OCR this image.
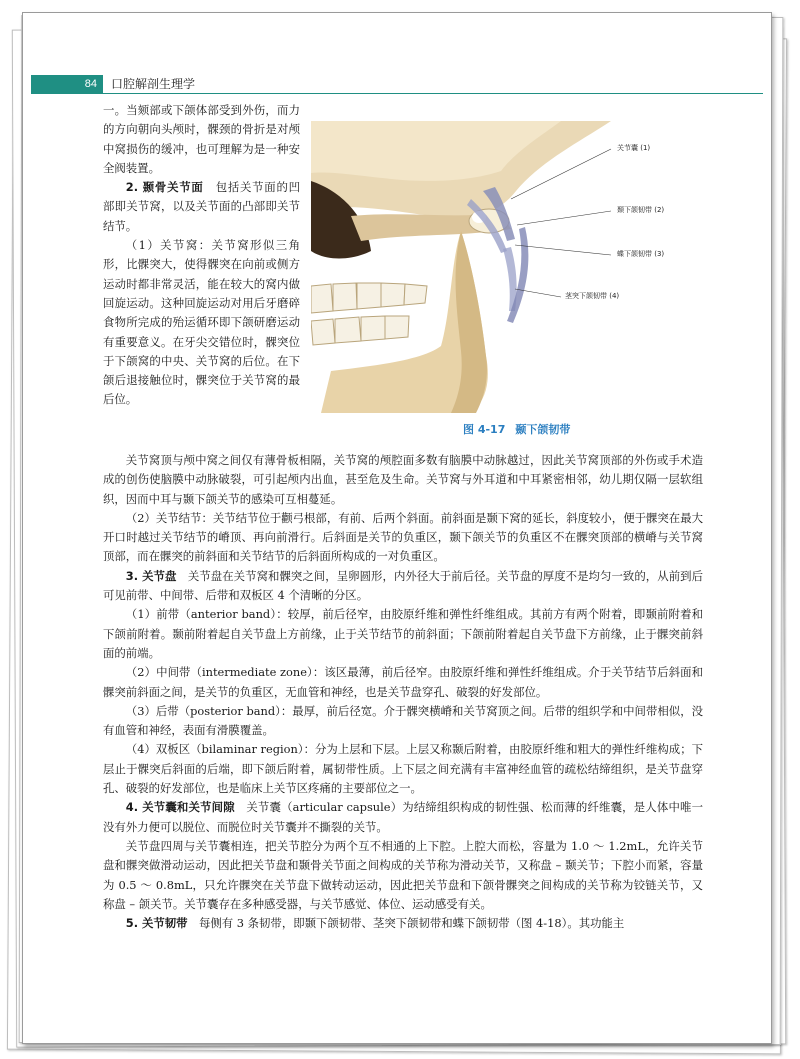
84	口腔解剖生理学

一。当颏部或下颌体部受到外伤，而力的方向朝向头颅时，髁颈的骨折是对颅中窝损伤的缓冲，也可理解为是一种安全阀装置。

2. 颞骨关节面　 包括关节面的凹部即关节窝，以及关节面的凸部即关节结节。

（1）关节窝：关节窝形似三角形，比髁突大，使得髁突在向前或侧方运动时都非常灵活，能在较大的窝内做回旋运动。这种回旋运动对用后牙磨碎食物所完成的殆运循环即下颌研磨运动有重要意义。在牙尖交错位时，髁突位于下颌窝的中央、关节窝的后位。在下颌后退接触位时，髁突位于关节窝的最后位。

关节囊 (1)
颞下颌韧带 (2)
蝶下颌韧带 (3)
茎突下颌韧带 (4)
图 4-17 颞下颌韧带

关节窝顶与颅中窝之间仅有薄骨板相隔，关节窝的颅腔面多数有脑膜中动脉越过，因此关节窝顶部的外伤或手术造成的创伤使脑膜中动脉破裂，可引起颅内出血，甚至危及生命。关节窝与外耳道和中耳紧密相邻，幼儿期仅隔一层软组织，因而中耳与颞下颌关节的感染可互相蔓延。

（2）关节结节：关节结节位于颧弓根部，有前、后两个斜面。前斜面是颞下窝的延长，斜度较小，便于髁突在最大开口时越过关节结节的嵴顶、再向前滑行。后斜面是关节的负重区，颞下颌关节的负重区不在髁突顶部的横嵴与关节窝顶部，而在髁突的前斜面和关节结节的后斜面所构成的一对负重区。

3. 关节盘　 关节盘在关节窝和髁突之间，呈卵圆形，内外径大于前后径。关节盘的厚度不是均匀一致的，从前到后可见前带、中间带、后带和双板区 4 个清晰的分区。

（1）前带（anterior band）：较厚，前后径窄，由胶原纤维和弹性纤维组成。其前方有两个附着，即颞前附着和下颌前附着。颞前附着起自关节盘上方前缘，止于关节结节的前斜面；下颌前附着起自关节盘下方前缘，止于髁突前斜面的前端。

（2）中间带（intermediate zone）：该区最薄，前后径窄。由胶原纤维和弹性纤维组成。介于关节结节后斜面和髁突前斜面之间，是关节的负重区，无血管和神经，也是关节盘穿孔、破裂的好发部位。

（3）后带（posterior band）：最厚，前后径宽。介于髁突横嵴和关节窝顶之间。后带的组织学和中间带相似，没有血管和神经，表面有滑膜覆盖。

（4）双板区（bilaminar region）：分为上层和下层。上层又称颞后附着，由胶原纤维和粗大的弹性纤维构成；下层止于髁突后斜面的后端，即下颌后附着，属韧带性质。上下层之间充满有丰富神经血管的疏松结缔组织，是关节盘穿孔、破裂的好发部位，也是临床上关节区疼痛的主要部位之一。

4. 关节囊和关节间隙　 关节囊（articular capsule）为结缔组织构成的韧性强、松而薄的纤维囊，是人体中唯一没有外力便可以脱位、而脱位时关节囊并不撕裂的关节。

关节盘四周与关节囊相连，把关节腔分为两个互不相通的上下腔。上腔大而松，容量为 1.0 ～ 1.2mL，允许关节盘和髁突做滑动运动，因此把关节盘和颞骨关节面之间构成的关节称为滑动关节，又称盘 – 颞关节；下腔小而紧，容量为 0.5 ～ 0.8mL，只允许髁突在关节盘下做转动运动，因此把关节盘和下颌骨髁突之间构成的关节称为铰链关节，又称盘 – 颌关节。关节囊存在多种感受器，与关节感觉、体位、运动感受有关。

5. 关节韧带　 每侧有 3 条韧带，即颞下颌韧带、茎突下颌韧带和蝶下颌韧带（图 4-18）。其功能主
